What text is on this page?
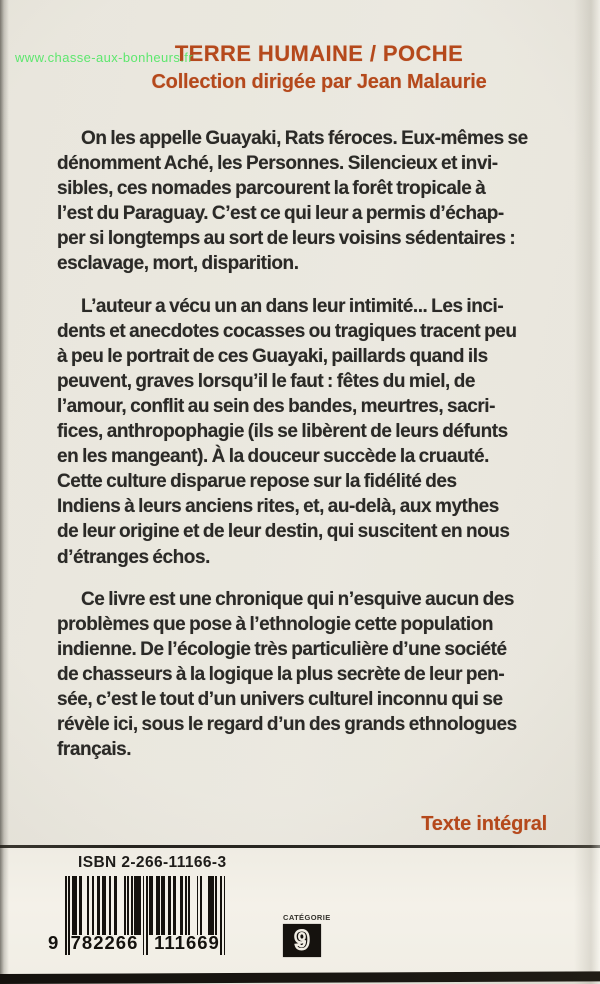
www.chasse-aux-bonheurs.fr
TERRE HUMAINE / POCHE
Collection dirigée par Jean Malaurie
On les appelle Guayaki, Rats féroces. Eux-mêmes se
dénomment Aché, les Personnes. Silencieux et invi-
sibles, ces nomades parcourent la forêt tropicale à
l’est du Paraguay. C’est ce qui leur a permis d’échap-
per si longtemps au sort de leurs voisins sédentaires :
esclavage, mort, disparition.
L’auteur a vécu un an dans leur intimité... Les inci-
dents et anecdotes cocasses ou tragiques tracent peu
à peu le portrait de ces Guayaki, paillards quand ils
peuvent, graves lorsqu’il le faut : fêtes du miel, de
l’amour, conflit au sein des bandes, meurtres, sacri-
fices, anthropophagie (ils se libèrent de leurs défunts
en les mangeant). À la douceur succède la cruauté.
Cette culture disparue repose sur la fidélité des
Indiens à leurs anciens rites, et, au-delà, aux mythes
de leur origine et de leur destin, qui suscitent en nous
d’étranges échos.
Ce livre est une chronique qui n’esquive aucun des
problèmes que pose à l’ethnologie cette population
indienne. De l’écologie très particulière d’une société
de chasseurs à la logique la plus secrète de leur pen-
sée, c’est le tout d’un univers culturel inconnu qui se
révèle ici, sous le regard d’un des grands ethnologues
français.
Texte intégral
ISBN 2-266-11166-3
9 782266 111669
CATÉGORIE
9
